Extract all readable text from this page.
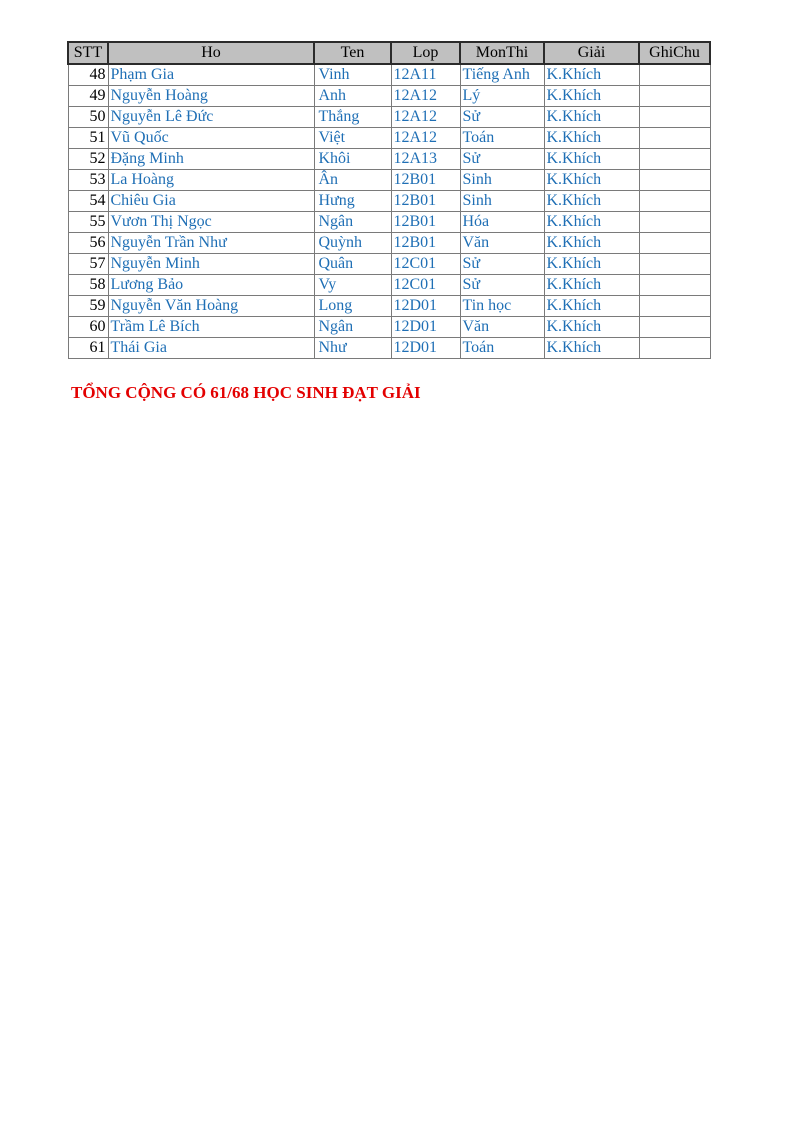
STT	Ho	Ten	Lop	MonThi	Giải	GhiChu
48	Phạm Gia	Vinh	12A11	Tiếng Anh	K.Khích	
49	Nguyễn Hoàng	Anh	12A12	Lý	K.Khích	
50	Nguyễn Lê Đức	Thắng	12A12	Sử	K.Khích	
51	Vũ Quốc	Việt	12A12	Toán	K.Khích	
52	Đặng Minh	Khôi	12A13	Sử	K.Khích	
53	La Hoàng	Ân	12B01	Sinh	K.Khích	
54	Chiêu Gia	Hưng	12B01	Sinh	K.Khích	
55	Vươn Thị Ngọc	Ngân	12B01	Hóa	K.Khích	
56	Nguyễn Trần Như	Quỳnh	12B01	Văn	K.Khích	
57	Nguyễn Minh	Quân	12C01	Sử	K.Khích	
58	Lương Bảo	Vy	12C01	Sử	K.Khích	
59	Nguyễn Văn Hoàng	Long	12D01	Tin học	K.Khích	
60	Trầm Lê Bích	Ngân	12D01	Văn	K.Khích	
61	Thái Gia	Như	12D01	Toán	K.Khích	

TỔNG CỘNG CÓ 61/68 HỌC SINH ĐẠT GIẢI
